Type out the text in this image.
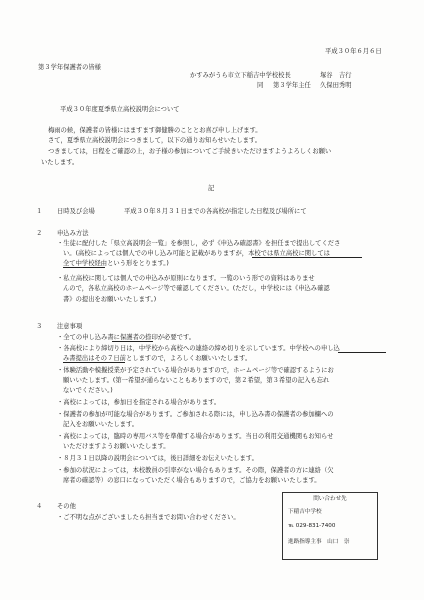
平成３０年６月６日
第３学年保護者の皆様
かすみがうら市立下稲吉中学校校長	塚谷　吉行
同 第３学年主任 久保田秀明
平成３０年度夏季県立高校説明会について
梅雨の候，保護者の皆様にはますます御健勝のこととお喜び申し上げます。
さて，夏季県立高校説明会につきまして，以下の通りお知らせいたします。
つきましては，日程をご確認の上，お子様の参加についてご手続きいただけますようよろしくお願い
いたします。
記
１ 日時及び会場	平成３０年８月３１日までの各高校が指定した日程及び場所にて
２ 申込み方法
・生徒に配付した「県立高説明会一覧」を参照し，必ず《申込み確認書》を担任まで提出してくださ
い。(高校によっては個人での申し込み可能と記載がありますが，本校では県立高校に関しては
全て中学校経由という形をとります。)
・私立高校に関しては個人での申込みが原則になります。一覧のいう形での資料はありませ
んので，各私立高校のホームページ等で確認してください。(ただし，中学校には《申込み確認
書》の提出をお願いいたします。)
３ 注意事項
・全ての申し込み書に保護者の捺印が必要です。
・各高校により締切り日は，中学校から高校への連絡の締め切りを示しています。中学校への申し込
み書提出はその７日前としますので，よろしくお願いいたします。
・体験活動や模擬授業が予定されている場合がありますので，ホームページ等で確認するようにお
願いいたします。(第一希望が通らないこともありますので，第２希望，第３希望の記入も忘れ
ないでください。)
・高校によっては，参加日を指定される場合があります。
・保護者の参加が可能な場合があります。ご参加される際には，申し込み書の保護者の参加欄への
記入をお願いいたします。
・高校によっては，臨時の専用バス等を準備する場合があります。当日の利用交通機関もお知らせ
いただけますようお願いいたします。
・８月３１日以降の説明会については，後日詳細をお伝えいたします。
・参加の状況によっては，本校教員の引率がない場合もあります。その際，保護者の方に連絡（欠
席者の確認等）の窓口になっていただく場合もありますので，ご協力をお願いいたします。
４ その他
・ご不明な点がございましたら担当までお問い合わせください。
問い合わせ先
下稲吉中学校
℡ 029-831-7400
進路指導主事　山口　崇
